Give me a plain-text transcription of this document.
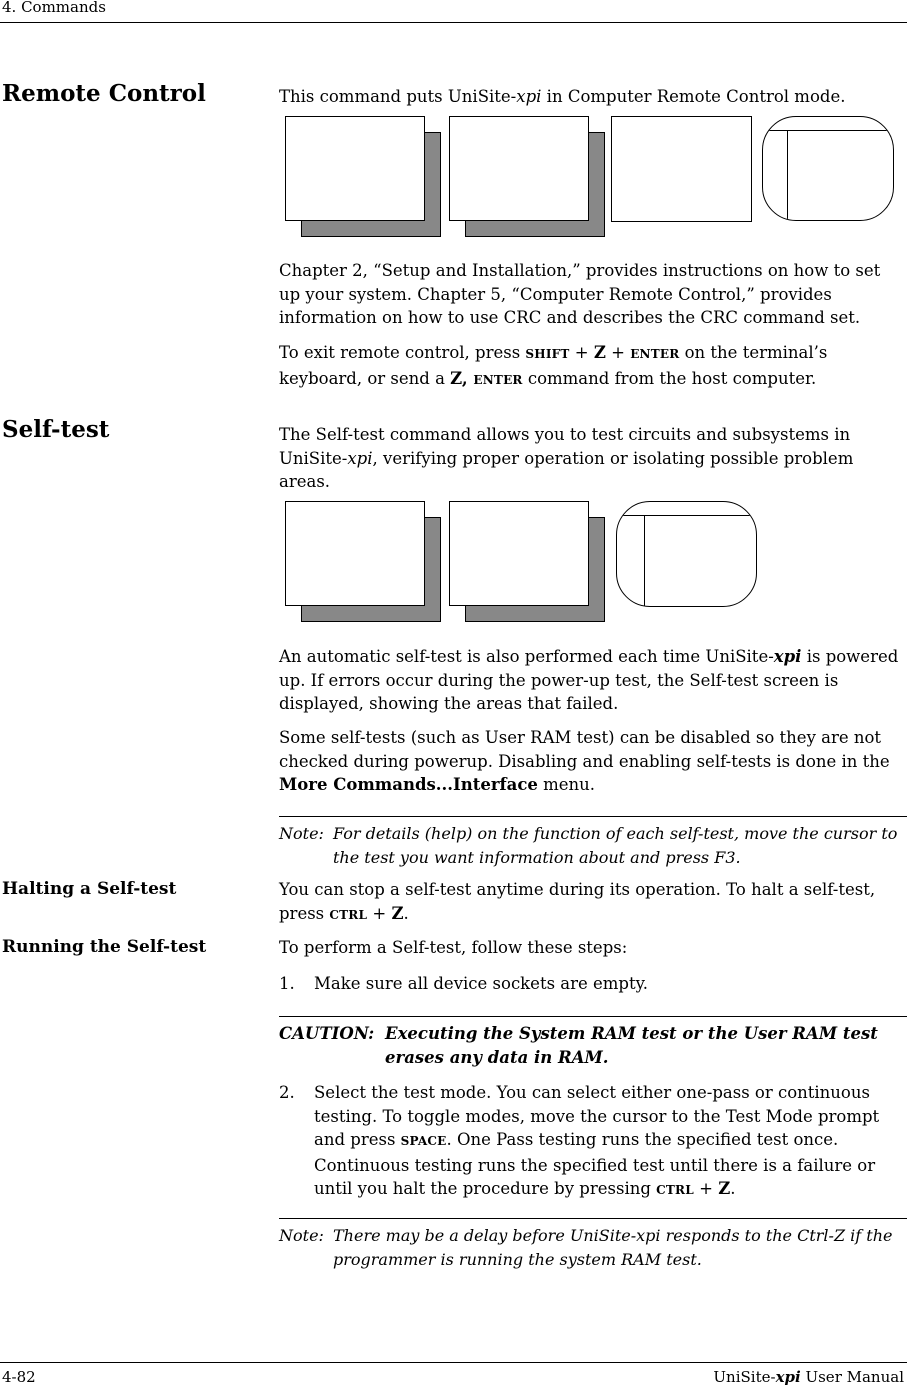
4. Commands
Remote Control	This command puts UniSite-xpi in Computer Remote Control mode.

Chapter 2, “Setup and Installation,” provides instructions on how to set up your system. Chapter 5, “Computer Remote Control,” provides information on how to use CRC and describes the CRC command set.

To exit remote control, press SHIFT + Z + ENTER on the terminal’s keyboard, or send a Z, ENTER command from the host computer.

Self-test	The Self-test command allows you to test circuits and subsystems in UniSite-xpi, verifying proper operation or isolating possible problem areas.

An automatic self-test is also performed each time UniSite-xpi is powered up. If errors occur during the power-up test, the Self-test screen is displayed, showing the areas that failed.

Some self-tests (such as User RAM test) can be disabled so they are not checked during powerup. Disabling and enabling self-tests is done in the More Commands...Interface menu.

Note: For details (help) on the function of each self-test, move the cursor to the test you want information about and press F3.
Halting a Self-test	You can stop a self-test anytime during its operation. To halt a self-test, press CTRL + Z.

Running the Self-test	To perform a Self-test, follow these steps:

1. Make sure all device sockets are empty.
CAUTION: Executing the System RAM test or the User RAM test erases any data in RAM.
2. Select the test mode. You can select either one-pass or continuous testing. To toggle modes, move the cursor to the Test Mode prompt and press SPACE. One Pass testing runs the specified test once. Continuous testing runs the specified test until there is a failure or until you halt the procedure by pressing CTRL + Z.
Note: There may be a delay before UniSite-xpi responds to the Ctrl-Z if the programmer is running the system RAM test.
4-82	UniSite-xpi User Manual
